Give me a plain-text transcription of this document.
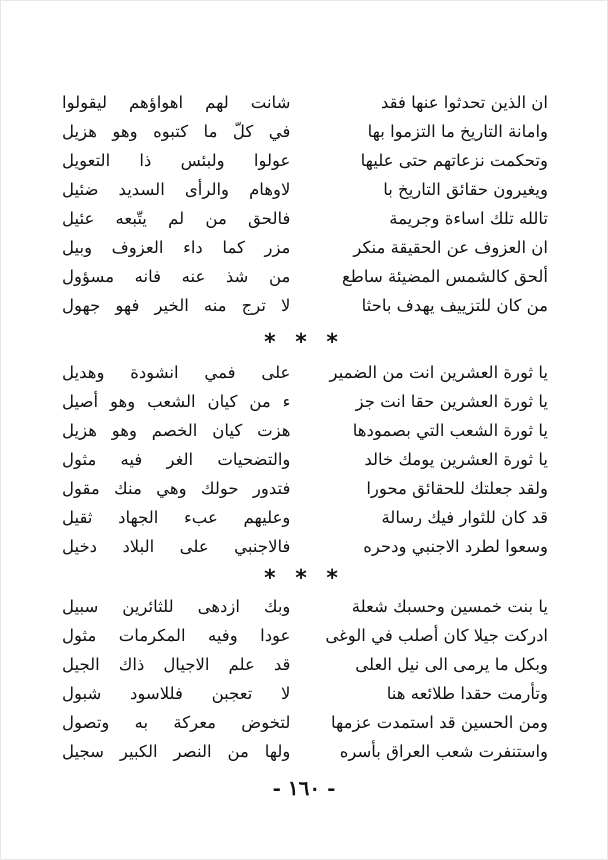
ان الذين تحدثوا عنها فقد
شانت لهم اهواؤهم ليقولوا
وامانة التاريخ ما التزموا بها
في كلّ ما كتبوه وهو هزيل
وتحكمت نزعاتهم حتى عليها
عولوا ولبئس ذا التعويل
ويغيرون حقائق التاريخ با
لاوهام والرأى السديد ضئيل
تالله تلك اساءة وجريمة
فالحق من لم يتّبعه عئيل
ان العزوف عن الحقيقة منكر
مزر كما داء العزوف وبيل
ألحق كالشمس المضيئة ساطع
من شذ عنه فانه مسؤول
من كان للتزييف يهدف باحثا
لا ترج منه الخير فهو جهول
* * *
يا ثورة العشرين انت من الضمير
على فمي انشودة وهديل
يا ثورة العشرين حقا انت جز
ء من كيان الشعب وهو أصيل
يا ثورة الشعب التي بصمودها
هزت كيان الخصم وهو هزيل
يا ثورة العشرين يومك خالد
والتضحيات الغر فيه مثول
ولقد جعلتك للحقائق محورا
فتدور حولك وهي منك مقول
قد كان للثوار فيك رسالة
وعليهم عبء الجهاد ثقيل
وسعوا لطرد الاجنبي ودحره
فالاجنبي على البلاد دخيل
* * *
يا بنت خمسين وحسبك شعلة
وبك ازدهى للثائرين سبيل
ادركت جيلا كان أصلب في الوغى
عودا وفيه المكرمات مثول
وبكل ما يرمى الى نيل العلى
قد علم الاجيال ذاك الجيل
وتأرمت حقدا طلائعه هنا
لا تعجبن فللاسود شبول
ومن الحسين قد استمدت عزمها
لتخوض معركة به وتصول
واستنفرت شعب العراق بأسره
ولها من النصر الكبير سجيل
- ١٦٠ -
